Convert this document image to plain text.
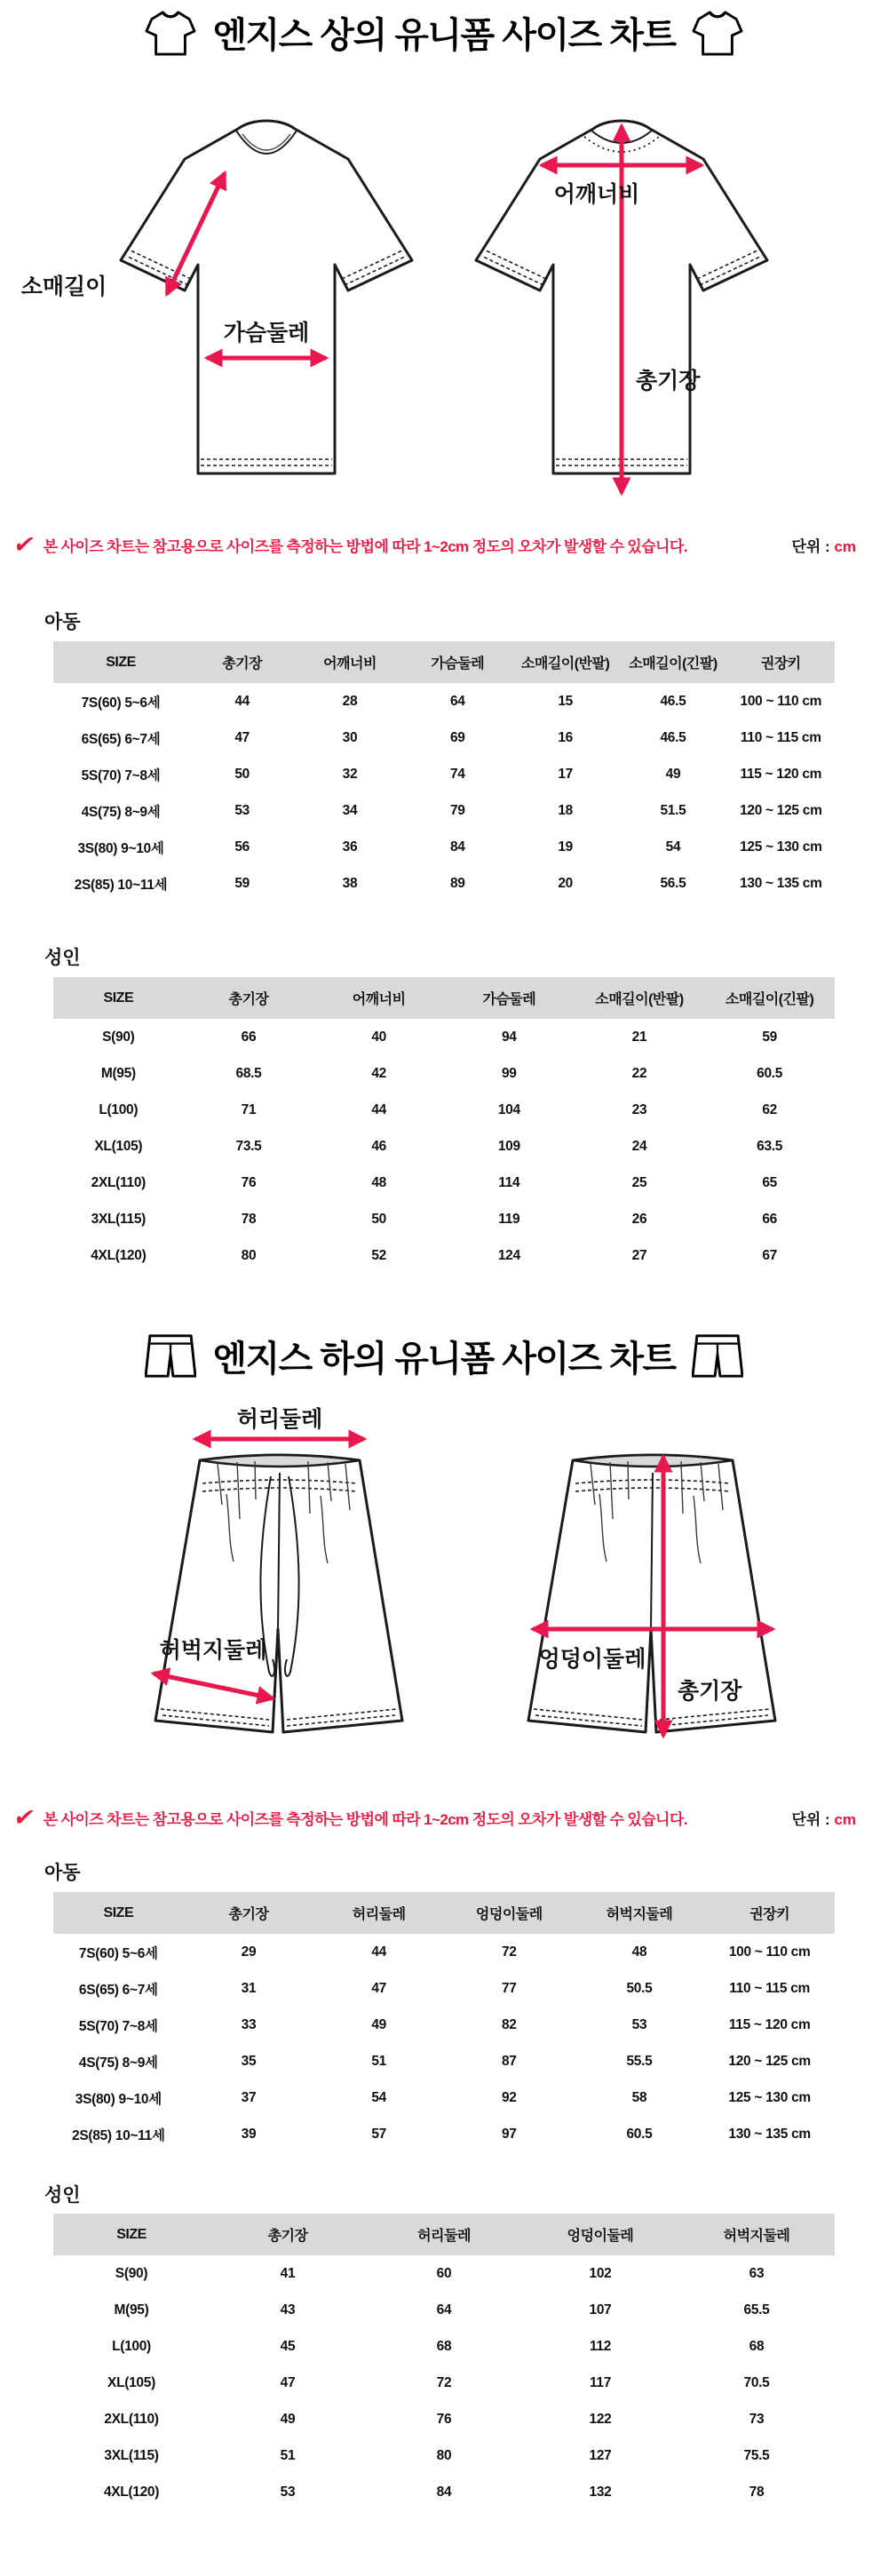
엔지스 상의 유니폼 사이즈 차트
소매길이
가슴둘레
어깨너비
총기장
✔ 본 사이즈 차트는 참고용으로 사이즈를 측정하는 방법에 따라 1~2cm 정도의 오차가 발생할 수 있습니다.	단위 : cm
아동
SIZE	총기장	어깨너비	가슴둘레	소매길이(반팔)	소매길이(긴팔)	권장키
7S(60) 5~6세	44	28	64	15	46.5	100 ~ 110 cm
6S(65) 6~7세	47	30	69	16	46.5	110 ~ 115 cm
5S(70) 7~8세	50	32	74	17	49	115 ~ 120 cm
4S(75) 8~9세	53	34	79	18	51.5	120 ~ 125 cm
3S(80) 9~10세	56	36	84	19	54	125 ~ 130 cm
2S(85) 10~11세	59	38	89	20	56.5	130 ~ 135 cm
성인
SIZE	총기장	어깨너비	가슴둘레	소매길이(반팔)	소매길이(긴팔)
S(90)	66	40	94	21	59
M(95)	68.5	42	99	22	60.5
L(100)	71	44	104	23	62
XL(105)	73.5	46	109	24	63.5
2XL(110)	76	48	114	25	65
3XL(115)	78	50	119	26	66
4XL(120)	80	52	124	27	67
엔지스 하의 유니폼 사이즈 차트
허리둘레
허벅지둘레	엉덩이둘레
총기장
✔ 본 사이즈 차트는 참고용으로 사이즈를 측정하는 방법에 따라 1~2cm 정도의 오차가 발생할 수 있습니다.	단위 : cm
아동
SIZE	총기장	허리둘레	엉덩이둘레	허벅지둘레	권장키
7S(60) 5~6세	29	44	72	48	100 ~ 110 cm
6S(65) 6~7세	31	47	77	50.5	110 ~ 115 cm
5S(70) 7~8세	33	49	82	53	115 ~ 120 cm
4S(75) 8~9세	35	51	87	55.5	120 ~ 125 cm
3S(80) 9~10세	37	54	92	58	125 ~ 130 cm
2S(85) 10~11세	39	57	97	60.5	130 ~ 135 cm
성인
SIZE	총기장	허리둘레	엉덩이둘레	허벅지둘레
S(90)	41	60	102	63
M(95)	43	64	107	65.5
L(100)	45	68	112	68
XL(105)	47	72	117	70.5
2XL(110)	49	76	122	73
3XL(115)	51	80	127	75.5
4XL(120)	53	84	132	78
